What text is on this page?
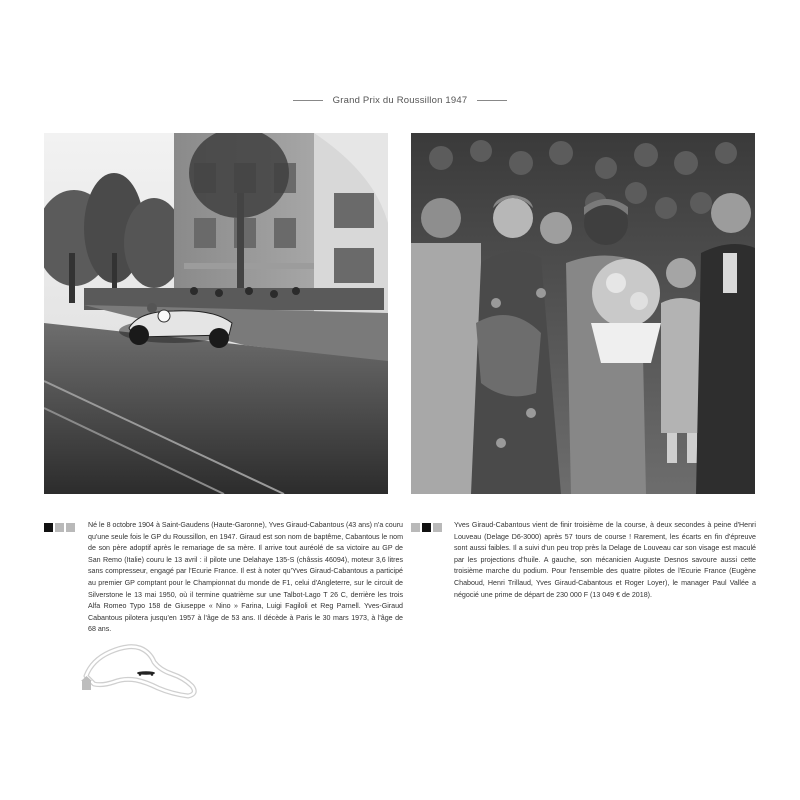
Grand Prix du Roussillon 1947
Né le 8 octobre 1904 à Saint-Gaudens (Haute-Garonne), Yves Giraud-Cabantous (43 ans) n'a couru qu'une seule fois le GP du Roussillon, en 1947. Giraud est son nom de baptême, Cabantous le nom de son père adoptif après le remariage de sa mère. Il arrive tout auréolé de sa victoire au GP de San Remo (Italie) couru le 13 avril : il pilote une Delahaye 135-S (châssis 46094), moteur 3,6 litres sans compresseur, engagé par l'Ecurie France. Il est à noter qu'Yves Giraud-Cabantous a participé au premier GP comptant pour le Championnat du monde de F1, celui d'Angleterre, sur le circuit de Silverstone le 13 mai 1950, où il termine quatrième sur une Talbot-Lago T 26 C, derrière les trois Alfa Romeo Typo 158 de Giuseppe « Nino » Farina, Luigi Fagiloli et Reg Parnell. Yves-Giraud Cabantous pilotera jusqu'en 1957 à l'âge de 53 ans. Il décède à Paris le 30 mars 1973, à l'âge de 68 ans.
Yves Giraud-Cabantous vient de finir troisième de la course, à deux secondes à peine d'Henri Louveau (Delage D6-3000) après 57 tours de course ! Rarement, les écarts en fin d'épreuve sont aussi faibles. Il a suivi d'un peu trop près la Delage de Louveau car son visage est maculé par les projections d'huile. A gauche, son mécanicien Auguste Desnos savoure aussi cette troisième marche du podium. Pour l'ensemble des quatre pilotes de l'Ecurie France (Eugène Chaboud, Henri Trillaud, Yves Giraud-Cabantous et Roger Loyer), le manager Paul Vallée a négocié une prime de départ de 230 000 F (13 049 € de 2018).
